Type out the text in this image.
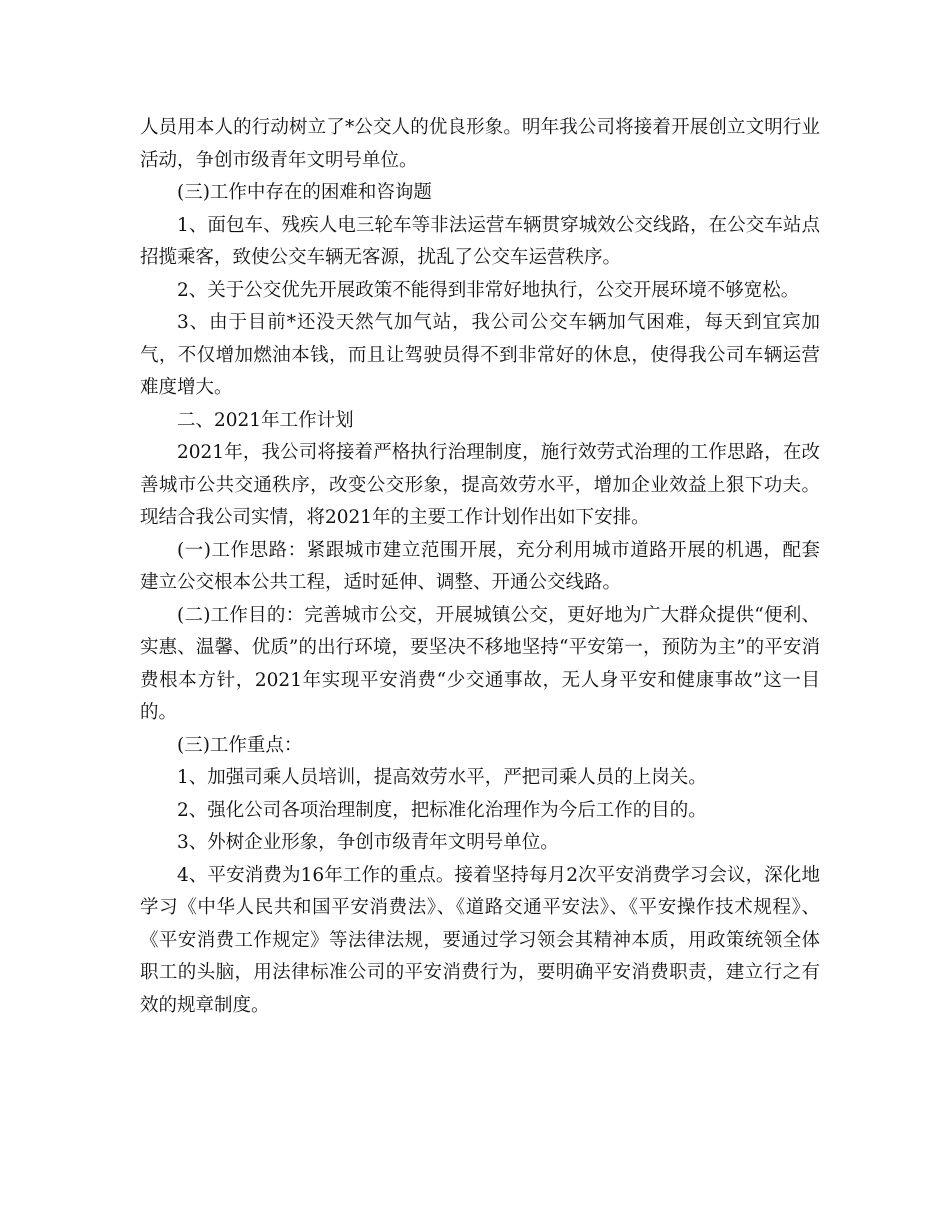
人员用本人的行动树立了*公交人的优良形象。明年我公司将接着开展创立文明行业活动，争创市级青年文明号单位。

(三)工作中存在的困难和咨询题

1、面包车、残疾人电三轮车等非法运营车辆贯穿城效公交线路，在公交车站点招揽乘客，致使公交车辆无客源，扰乱了公交车运营秩序。

2、关于公交优先开展政策不能得到非常好地执行，公交开展环境不够宽松。

3、由于目前*还没天然气加气站，我公司公交车辆加气困难，每天到宜宾加气，不仅增加燃油本钱，而且让驾驶员得不到非常好的休息，使得我公司车辆运营难度增大。

二、2021年工作计划

2021年，我公司将接着严格执行治理制度，施行效劳式治理的工作思路，在改善城市公共交通秩序，改变公交形象，提高效劳水平，增加企业效益上狠下功夫。现结合我公司实情，将2021年的主要工作计划作出如下安排。

(一)工作思路：紧跟城市建立范围开展，充分利用城市道路开展的机遇，配套建立公交根本公共工程，适时延伸、调整、开通公交线路。

(二)工作目的：完善城市公交，开展城镇公交，更好地为广大群众提供“便利、实惠、温馨、优质”的出行环境，要坚决不移地坚持“平安第一，预防为主”的平安消费根本方针，2021年实现平安消费“少交通事故，无人身平安和健康事故”这一目的。

(三)工作重点：

1、加强司乘人员培训，提高效劳水平，严把司乘人员的上岗关。

2、强化公司各项治理制度，把标准化治理作为今后工作的目的。

3、外树企业形象，争创市级青年文明号单位。

4、平安消费为16年工作的重点。接着坚持每月2次平安消费学习会议，深化地学习《中华人民共和国平安消费法》、《道路交通平安法》、《平安操作技术规程》、《平安消费工作规定》等法律法规，要通过学习领会其精神本质，用政策统领全体职工的头脑，用法律标准公司的平安消费行为，要明确平安消费职责，建立行之有效的规章制度。
